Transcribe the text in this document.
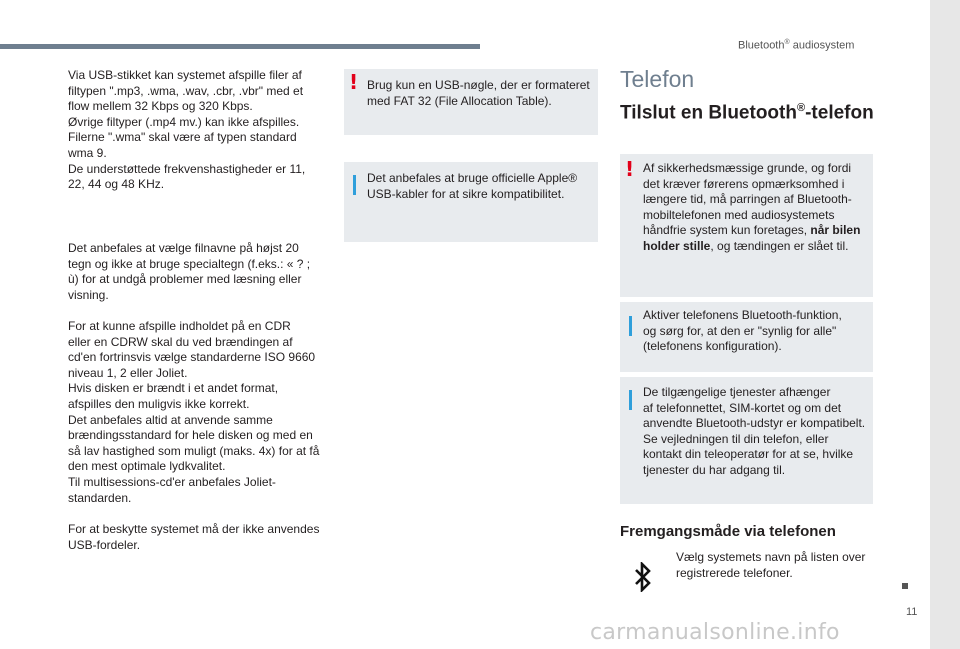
Bluetooth® audiosystem
11

Via USB-stikket kan systemet afspille filer af
filtypen ".mp3, .wma, .wav, .cbr, .vbr" med et
flow mellem 32 Kbps og 320 Kbps.
Øvrige filtyper (.mp4 mv.) kan ikke afspilles.
Filerne ".wma" skal være af typen standard
wma 9.
De understøttede frekvenshastigheder er 11,
22, 44 og 48 KHz.

Det anbefales at vælge filnavne på højst 20
tegn og ikke at bruge specialtegn (f.eks.: « ? ;
ù) for at undgå problemer med læsning eller
visning.

For at kunne afspille indholdet på en CDR
eller en CDRW skal du ved brændingen af
cd'en fortrinsvis vælge standarderne ISO 9660
niveau 1, 2 eller Joliet.
Hvis disken er brændt i et andet format,
afspilles den muligvis ikke korrekt.
Det anbefales altid at anvende samme
brændingsstandard for hele disken og med en
så lav hastighed som muligt (maks. 4x) for at få
den mest optimale lydkvalitet.
Til multisessions-cd'er anbefales Joliet-
standarden.

For at beskytte systemet må der ikke anvendes
USB-fordeler.

! Brug kun en USB-nøgle, der er formateret
med FAT 32 (File Allocation Table).
Det anbefales at bruge officielle Apple®
USB-kabler for at sikre kompatibilitet.
Telefon
Tilslut en Bluetooth®-telefon
! Af sikkerhedsmæssige grunde, og fordi
det kræver førerens opmærksomhed i
længere tid, må parringen af Bluetooth-
mobiltelefonen med audiosystemets
håndfrie system kun foretages, når bilen
holder stille, og tændingen er slået til.
Aktiver telefonens Bluetooth-funktion,
og sørg for, at den er "synlig for alle"
(telefonens konfiguration).
De tilgængelige tjenester afhænger
af telefonnettet, SIM-kortet og om det
anvendte Bluetooth-udstyr er kompatibelt.
Se vejledningen til din telefon, eller
kontakt din teleoperatør for at se, hvilke
tjenester du har adgang til.
Fremgangsmåde via telefonen
Vælg systemets navn på listen over
registrerede telefoner.
carmanualsonline.info
